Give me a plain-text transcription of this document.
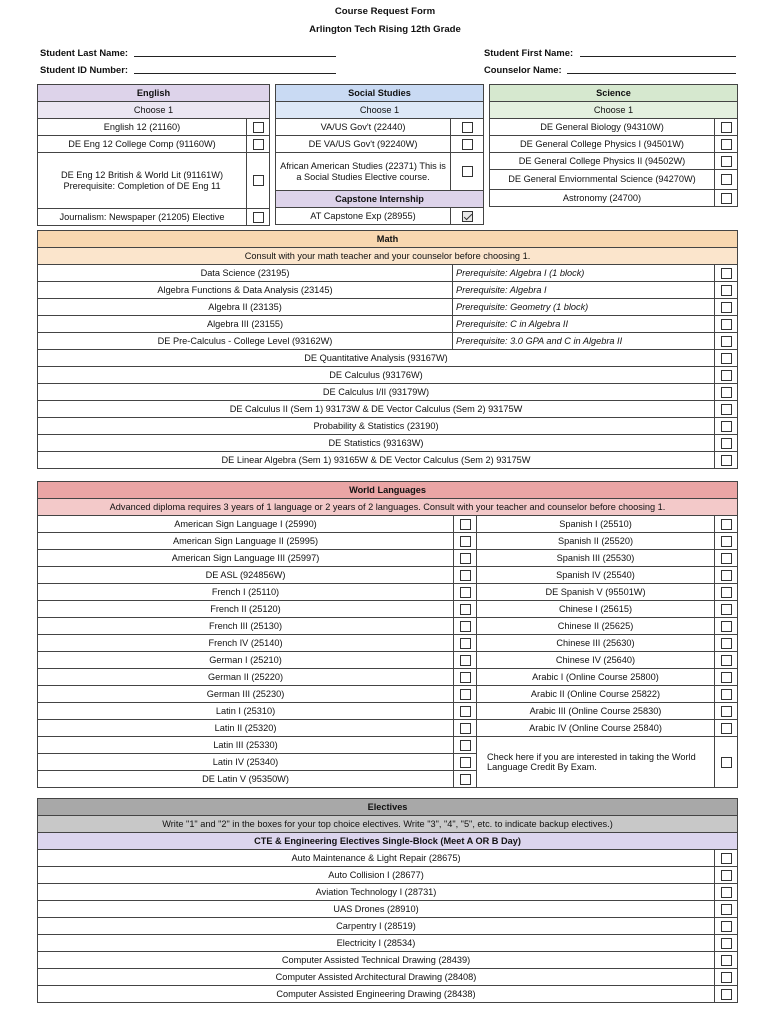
Course Request Form
Arlington Tech Rising 12th Grade
Student Last Name:	Student First Name:
Student ID Number:	Counselor Name:
English	
Choose 1	
English 12 (21160)	
DE Eng 12 College Comp (91160W)	
DE Eng 12 British & World Lit (91161W) Prerequisite: Completion of DE Eng 11	
Journalism: Newspaper (21205) Elective	
Social Studies	
Choose 1	
VA/US Gov't (22440)	
DE VA/US Gov't (92240W)	
African American Studies (22371) This is a Social Studies Elective course.	
Capstone Internship	
AT Capstone Exp (28955)	
Science	
Choose 1	
DE General Biology (94310W)	
DE General College Physics I (94501W)	
DE General College Physics II (94502W)	
DE General Enviornmental Science (94270W)	
Astronomy (24700)	
Math		
Consult with your math teacher and your counselor before choosing 1.		
Data Science (23195)	Prerequisite: Algebra I (1 block)	
Algebra Functions & Data Analysis (23145)	Prerequisite: Algebra I	
Algebra II (23135)	Prerequisite: Geometry (1 block)	
Algebra III (23155)	Prerequisite: C in Algebra II	
DE Pre-Calculus - College Level (93162W)	Prerequisite: 3.0 GPA and C in Algebra II	
DE Quantitative Analysis (93167W)		
DE Calculus (93176W)		
DE Calculus I/II (93179W)		
DE Calculus II (Sem 1) 93173W & DE Vector Calculus (Sem 2) 93175W		
Probability & Statistics (23190)		
DE Statistics (93163W)		
DE Linear Algebra (Sem 1) 93165W & DE Vector Calculus (Sem 2) 93175W		
World Languages			
Advanced diploma requires 3 years of 1 language or 2 years of 2 languages. Consult with your teacher and counselor before choosing 1.			
American Sign Language I (25990)		Spanish I (25510)	
American Sign Language II (25995)		Spanish II (25520)	
American Sign Language III (25997)		Spanish III (25530)	
DE ASL (924856W)		Spanish IV (25540)	
French I (25110)		DE Spanish V (95501W)	
French II (25120)		Chinese I (25615)	
French III (25130)		Chinese II (25625)	
French IV (25140)		Chinese III (25630)	
German I (25210)		Chinese IV (25640)	
German II (25220)		Arabic I (Online Course 25800)	
German III (25230)		Arabic II (Online Course 25822)	
Latin I (25310)		Arabic III (Online Course 25830)	
Latin II (25320)		Arabic IV (Online Course 25840)	
Latin III (25330)		Check here if you are interested in taking the World Language Credit By Exam.	
Latin IV (25340)			
DE Latin V (95350W)			
Electives	
Write "1" and "2" in the boxes for your top choice electives. Write "3", "4", "5", etc. to indicate backup electives.)	
CTE & Engineering Electives Single-Block (Meet A OR B Day)	
Auto Maintenance & Light Repair (28675)	
Auto Collision I (28677)	
Aviation Technology I (28731)	
UAS Drones (28910)	
Carpentry I (28519)	
Electricity I (28534)	
Computer Assisted Technical Drawing (28439)	
Computer Assisted Architectural Drawing (28408)	
Computer Assisted Engineering Drawing (28438)	
